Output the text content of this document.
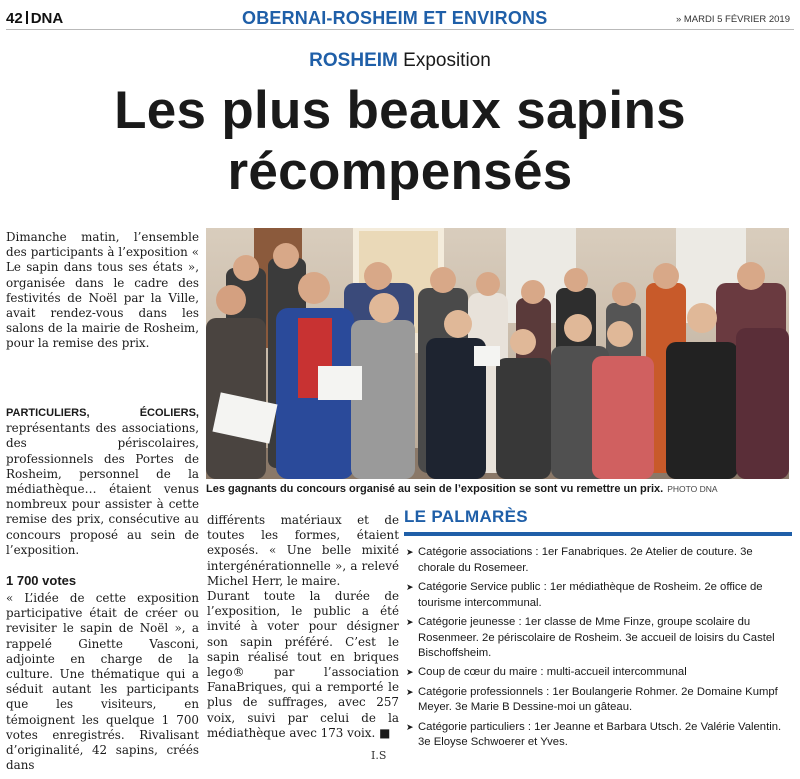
42 DNA	OBERNAI-ROSHEIM ET ENVIRONS	» MARDI 5 FÉVRIER 2019
ROSHEIM Exposition
Les plus beaux sapins
récompensés

Dimanche matin, l’ensemble des participants à l’exposition « Le sapin dans tous ses états », organisée dans le cadre des festivités de Noël par la Ville, avait rendez-vous dans les salons de la mairie de Rosheim, pour la remise des prix.

PARTICULIERS, ÉCOLIERS, représentants des associations, des périscolaires, professionnels des Portes de Rosheim, personnel de la médiathèque… étaient venus nombreux pour assister à cette remise des prix, consécutive au concours proposé au sein de l’exposition.

1 700 votes

« L’idée de cette exposition participative était de créer ou revisiter le sapin de Noël », a rappelé Ginette Vasconi, adjointe en charge de la culture. Une thématique qui a séduit autant les participants que les visiteurs, en témoignent les quelque 1 700 votes enregistrés. Rivalisant d’originalité, 42 sapins, créés dans

différents matériaux et de toutes les formes, étaient exposés. « Une belle mixité intergénérationnelle », a relevé Michel Herr, le maire.

Durant toute la durée de l’exposition, le public a été invité à voter pour désigner son sapin préféré. C’est le sapin réalisé tout en briques lego® par l’association FanaBriques, qui a remporté le plus de suffrages, avec 257 voix, suivi par celui de la médiathèque avec 173 voix. ■

I.S
Les gagnants du concours organisé au sein de l’exposition se sont vu remettre un prix. PHOTO DNA
LE PALMARÈS
➤ Catégorie associations : 1er Fanabriques. 2e Atelier de couture. 3e chorale du Rosemeer.
➤ Catégorie Service public : 1er médiathèque de Rosheim. 2e office de tourisme intercommunal.
➤ Catégorie jeunesse : 1er classe de Mme Finze, groupe scolaire du Rosenmeer. 2e périscolaire de Rosheim. 3e accueil de loisirs du Castel Bischoffsheim.
➤ Coup de cœur du maire : multi-accueil intercommunal
➤ Catégorie professionnels : 1er Boulangerie Rohmer. 2e Domaine Kumpf Meyer. 3e Marie B Dessine-moi un gâteau.
➤ Catégorie particuliers : 1er Jeanne et Barbara Utsch. 2e Valérie Valentin. 3e Eloyse Schwoerer et Yves.
